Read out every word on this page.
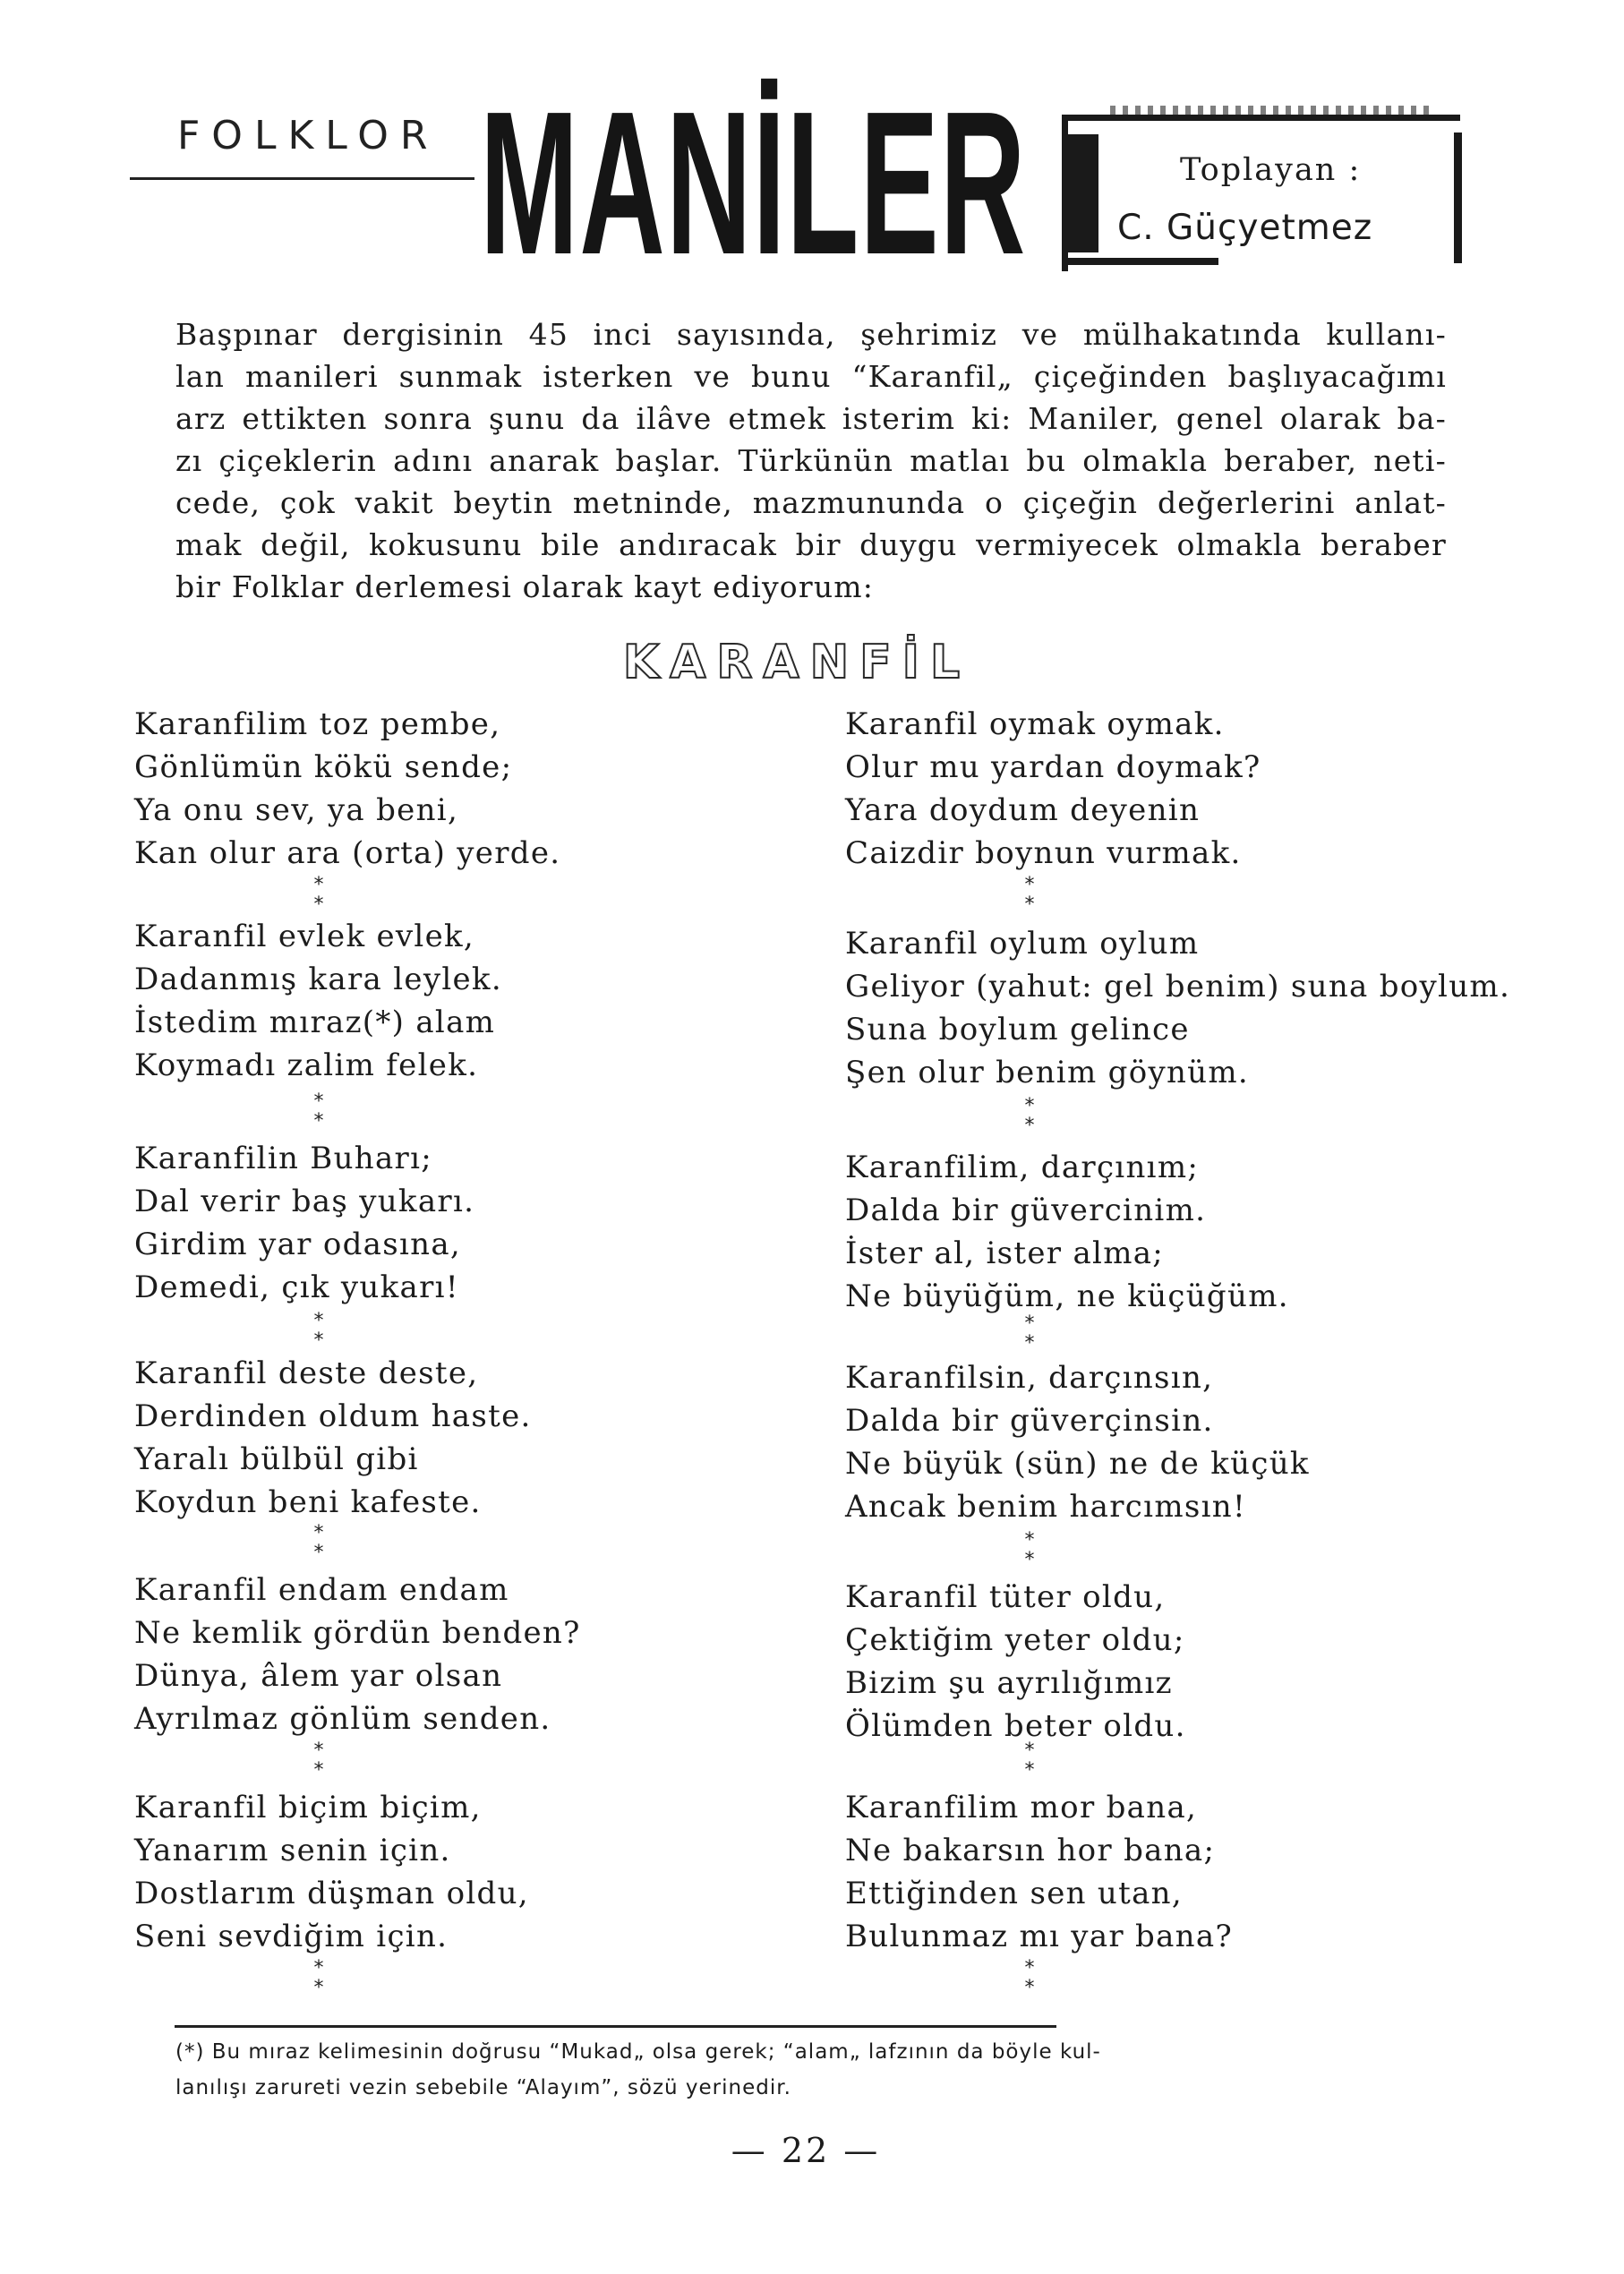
FOLKLOR MANİLER	Toplayan :
C. Güçyetmez
Başpınar dergisinin 45 inci sayısında, şehrimiz ve mülhakatında kullanı-
lan manileri sunmak isterken ve bunu “Karanfil„ çiçeğinden başlıyacağımı
arz ettikten sonra şunu da ilâve etmek isterim ki: Maniler, genel olarak ba-
zı çiçeklerin adını anarak başlar. Türkünün matlaı bu olmakla beraber, neti-
cede, çok vakit beytin metninde, mazmununda o çiçeğin değerlerini anlat-
mak değil, kokusunu bile andıracak bir duygu vermiyecek olmakla beraber
bir Folklar derlemesi olarak kayt ediyorum:
KARANFİL
Karanfilim toz pembe,
Gönlümün kökü sende;
Ya onu sev, ya beni,
Kan olur ara (orta) yerde.
*
*
Karanfil evlek evlek,
Dadanmış kara leylek.
İstedim mıraz(*) alam
Koymadı zalim felek.
*
*
Karanfilin Buharı;
Dal verir baş yukarı.
Girdim yar odasına,
Demedi, çık yukarı!
*
*
Karanfil deste deste,
Derdinden oldum haste.
Yaralı bülbül gibi
Koydun beni kafeste.
*
*
Karanfil endam endam
Ne kemlik gördün benden?
Dünya, âlem yar olsan
Ayrılmaz gönlüm senden.
*
*
Karanfil biçim biçim,
Yanarım senin için.
Dostlarım düşman oldu,
Seni sevdiğim için.
*
*
Karanfil oymak oymak.
Olur mu yardan doymak?
Yara doydum deyenin
Caizdir boynun vurmak.
*
*
Karanfil oylum oylum
Geliyor (yahut: gel benim) suna boylum.
Suna boylum gelince
Şen olur benim göynüm.
*
*
Karanfilim, darçınım;
Dalda bir güvercinim.
İster al, ister alma;
Ne büyüğüm, ne küçüğüm.
*
*
Karanfilsin, darçınsın,
Dalda bir güverçinsin.
Ne büyük (sün) ne de küçük
Ancak benim harcımsın!
*
*
Karanfil tüter oldu,
Çektiğim yeter oldu;
Bizim şu ayrılığımız
Ölümden beter oldu.
*
*
Karanfilim mor bana,
Ne bakarsın hor bana;
Ettiğinden sen utan,
Bulunmaz mı yar bana?
*
*
(*) Bu mıraz kelimesinin doğrusu “Mukad„ olsa gerek; “alam„ lafzının da böyle kul-
lanılışı zarureti vezin sebebile “Alayım”, sözü yerinedir.
— 22 —
